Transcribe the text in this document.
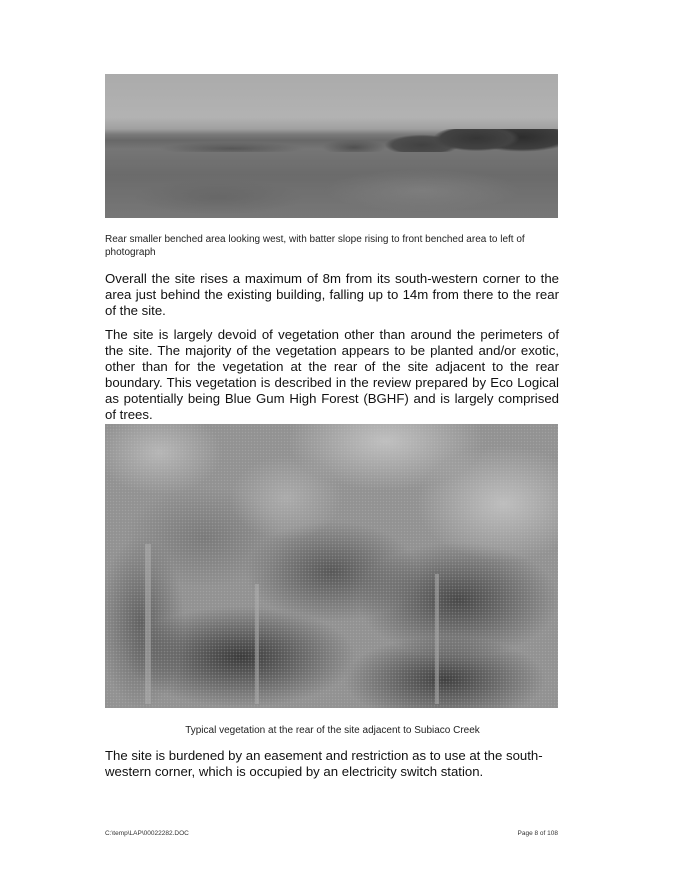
Rear smaller benched area looking west, with batter slope rising to front benched area to left of photograph
Overall the site rises a maximum of 8m from its south-western corner to the area just behind the existing building, falling up to 14m from there to the rear of the site.
The site is largely devoid of vegetation other than around the perimeters of the site. The majority of the vegetation appears to be planted and/or exotic, other than for the vegetation at the rear of the site adjacent to the rear boundary. This vegetation is described in the review prepared by Eco Logical as potentially being Blue Gum High Forest (BGHF) and is largely comprised of trees.
Typical vegetation at the rear of the site adjacent to Subiaco Creek
The site is burdened by an easement and restriction as to use at the south-western corner, which is occupied by an electricity switch station.
C:\temp\LAP\00022282.DOC	Page 8 of 108
